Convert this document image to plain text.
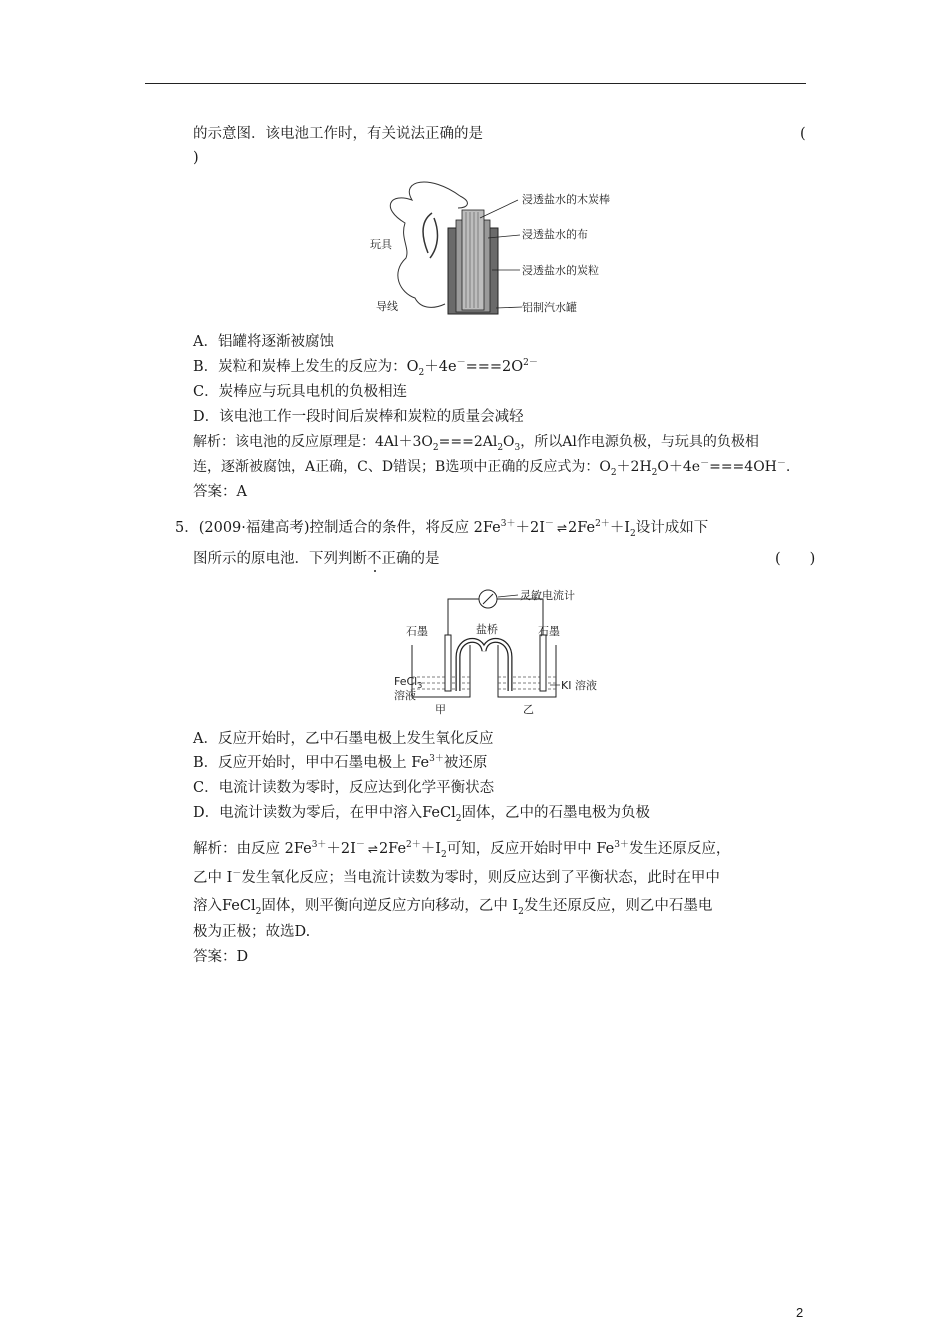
的示意图．该电池工作时，有关说法正确的是	(
)
浸透盐水的木炭棒
浸透盐水的布
浸透盐水的炭粒
铝制汽水罐
玩具
导线
A．铝罐将逐渐被腐蚀
B．炭粒和炭棒上发生的反应为：$O_2+4e^-===2O^{2-}$
C．炭棒应与玩具电机的负极相连
D．该电池工作一段时间后炭棒和炭粒的质量会减轻
解析：该电池的反应原理是：$4Al+3O_2===2Al_2O_3$，所以Al作电源负极，与玩具的负极相
连，逐渐被腐蚀，A正确，C、D错误；B选项中正确的反应式为：$O_2+2H_2O+4e^-===4OH^-$.
答案：A
5．(2009·福建高考)控制适合的条件，将反应 $2Fe^{3+}+2I^-$ ⇌ $2Fe^{2+}+I_2$设计成如下
图所示的原电池．下列判断不正确的是	(　　)
灵敏电流计
石墨	石墨
盐桥
FeCl$_3$
溶液
KI 溶液
甲	乙
A．反应开始时，乙中石墨电极上发生氧化反应
B．反应开始时，甲中石墨电极上 $Fe^{3+}$被还原
C．电流计读数为零时，反应达到化学平衡状态
D．电流计读数为零后，在甲中溶入FeCl$_2$固体，乙中的石墨电极为负极
解析：由反应 $2Fe^{3+}+2I^-$ ⇌ $2Fe^{2+}+I_2$可知，反应开始时甲中 $Fe^{3+}$发生还原反应，
乙中 I－发生氧化反应；当电流计读数为零时，则反应达到了平衡状态，此时在甲中
溶入FeCl$_2$固体，则平衡向逆反应方向移动，乙中 $I_2$发生还原反应，则乙中石墨电
极为正极；故选D.
答案：D
2
